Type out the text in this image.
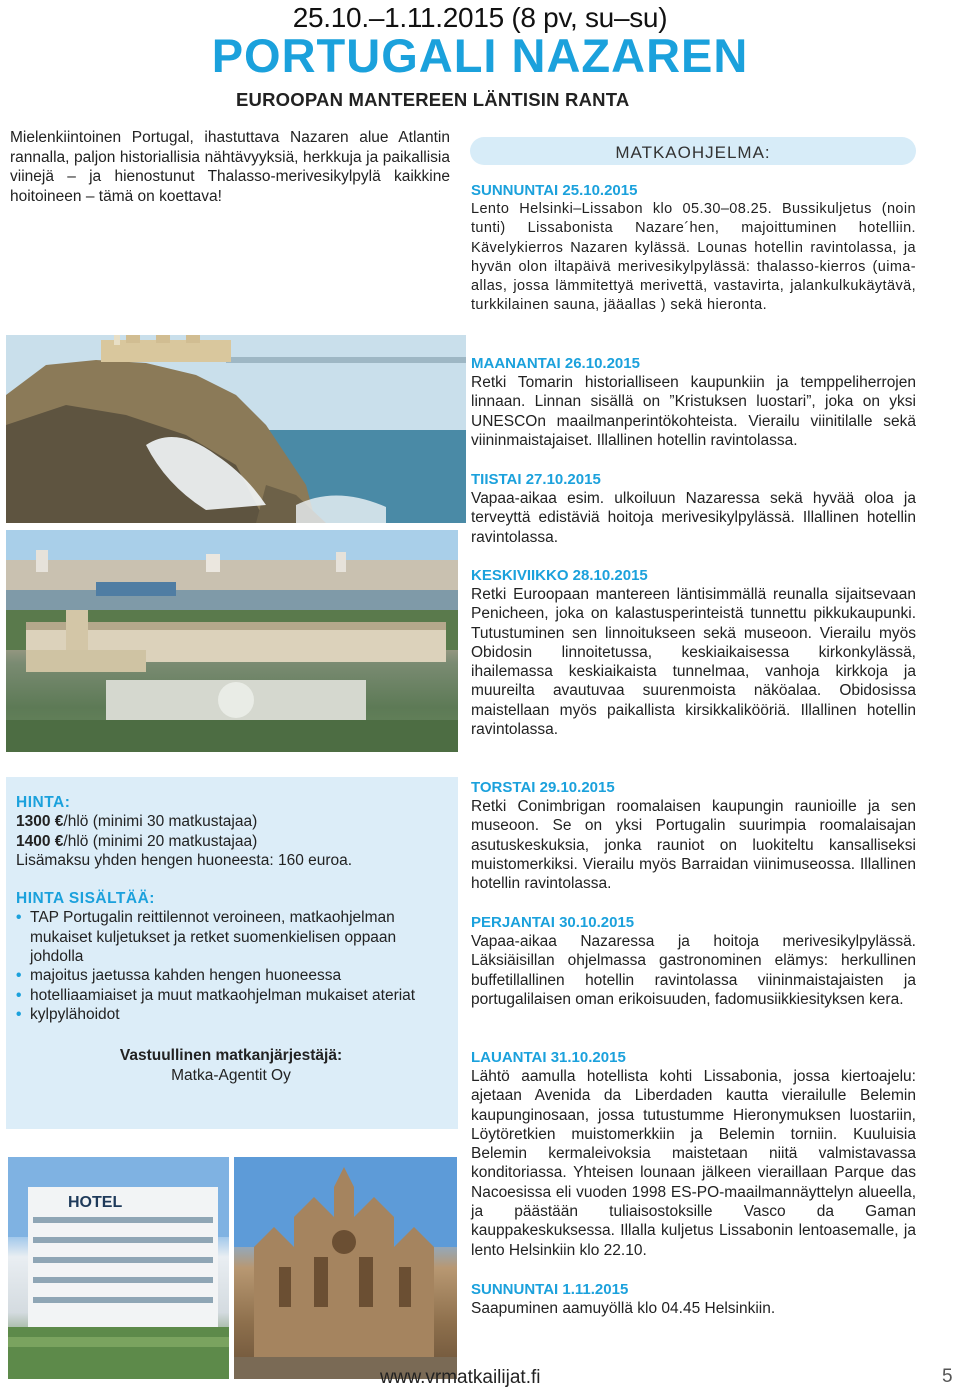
25.10.–1.11.2015 (8 pv, su–su)
PORTUGALI NAZAREN
EUROOPAN MANTEREEN LÄNTISIN RANTA

Mielenkiintoinen Portugal, ihastuttava Nazaren alue Atlantin rannalla, paljon historiallisia nähtävyyksiä, herkkuja ja paikallisia viinejä – ja hienostunut Thalasso-merivesikylpylä kaikkine hoitoineen – tämä on koettava!

MATKAOHJELMA:
SUNNUNTAI 25.10.2015

Lento Helsinki–Lissabon klo 05.30–08.25. Bussikuljetus (noin tunti) Lissabonista Nazare´hen, majoittuminen hotelliin. Kävelykierros Nazaren kylässä. Lounas hotellin ravintolassa, ja hyvän olon iltapäivä merivesikylpylässä: thalasso-kierros (uima-allas, jossa lämmitettyä merivettä, vastavirta, jalankulkukäytävä, turkkilainen sauna, jääallas ) sekä hieronta.

MAANANTAI 26.10.2015

Retki Tomarin historialliseen kaupunkiin ja temppeliherrojen linnaan. Linnan sisällä on ”Kristuksen luostari”, joka on yksi UNESCOn maailmanperintökohteista. Vierailu viinitilalle sekä viininmaistajaiset. Illallinen hotellin ravintolassa.

TIISTAI 27.10.2015

Vapaa-aikaa esim. ulkoiluun Nazaressa sekä hyvää oloa ja terveyttä edistäviä hoitoja merivesikylpylässä. Illallinen hotellin ravintolassa.

KESKIVIIKKO 28.10.2015

Retki Euroopaan mantereen läntisimmällä reunalla sijaitsevaan Penicheen, joka on kalastusperinteistä tunnettu pikkukaupunki. Tutustuminen sen linnoitukseen sekä museoon. Vierailu myös Obidosin linnoitetussa, keskiaikaisessa kirkonkylässä, ihailemassa keskiaikaista tunnelmaa, vanhoja kirkkoja ja muureilta avautuvaa suurenmoista näköalaa. Obidosissa maistellaan myös paikallista kirsikkalikööriä. Illallinen hotellin ravintolassa.

TORSTAI 29.10.2015

Retki Conimbrigan roomalaisen kaupungin raunioille ja sen museoon. Se on yksi Portugalin suurimpia roomalaisajan asutuskeskuksia, jonka rauniot on luokiteltu kansalliseksi muistomerkiksi. Vierailu myös Barraidan viinimuseossa. Illallinen hotellin ravintolassa.

PERJANTAI 30.10.2015

Vapaa-aikaa Nazaressa ja hoitoja merivesikylpylässä. Läksiäisillan ohjelmassa gastronominen elämys: herkullinen buffetillallinen hotellin ravintolassa viininmaistajaisten ja portugalilaisen oman erikoisuuden, fadomusiikkiesityksen kera.

LAUANTAI 31.10.2015

Lähtö aamulla hotellista kohti Lissabonia, jossa kiertoajelu: ajetaan Avenida da Liberdaden kautta vierailulle Belemin kaupunginosaan, jossa tutustumme Hieronymuksen luostariin, Löytöretkien muistomerkkiin ja Belemin torniin. Kuuluisia Belemin kermaleivoksia maistetaan niitä valmistavassa konditoriassa. Yhteisen lounaan jälkeen vieraillaan Parque das Nacoesissa eli vuoden 1998 ES-PO-maailmannäyttelyn alueella, ja päästään tuliaisostoksille Vasco da Gaman kauppakeskuksessa. Illalla kuljetus Lissabonin lentoasemalle, ja lento Helsinkiin klo 22.10.

SUNNUNTAI 1.11.2015

Saapuminen aamuyöllä klo 04.45 Helsinkiin.

HINTA:
1300 €/hlö (minimi 30 matkustajaa)
1400 €/hlö (minimi 20 matkustajaa)
Lisämaksu yhden hengen huoneesta: 160 euroa.
HINTA SISÄLTÄÄ:
• TAP Portugalin reittilennot veroineen, matkaohjelman mukaiset kuljetukset ja retket suomenkielisen oppaan johdolla
• majoitus jaetussa kahden hengen huoneessa
• hotelliaamiaiset ja muut matkaohjelman mukaiset ateriat
• kylpylähoidot
Vastuullinen matkanjärjestäjä:
Matka-Agentit Oy
HOTEL
www.vrmatkailijat.fi	5
